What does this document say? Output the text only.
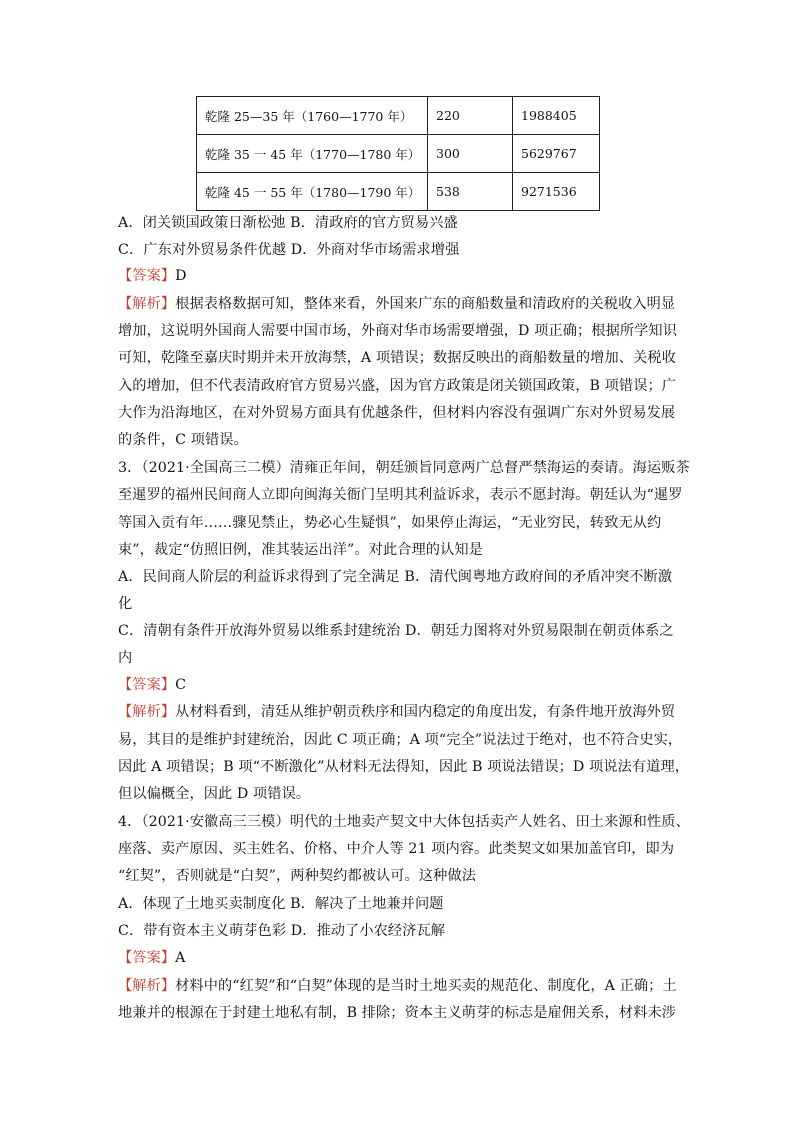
乾隆 25—35 年（1760—1770 年）	220	1988405
乾隆 35 一 45 年（1770—1780 年）	300	5629767
乾隆 45 一 55 年（1780—1790 年）	538	9271536
A．闭关锁国政策日渐松弛 B．清政府的官方贸易兴盛
C．广东对外贸易条件优越 D．外商对华市场需求增强
【答案】D
【解析】根据表格数据可知，整体来看，外国来广东的商船数量和清政府的关税收入明显
增加，这说明外国商人需要中国市场，外商对华市场需要增强，D 项正确；根据所学知识
可知，乾隆至嘉庆时期并未开放海禁，A 项错误；数据反映出的商船数量的增加、关税收
入的增加，但不代表清政府官方贸易兴盛，因为官方政策是闭关锁国政策，B 项错误；广
大作为沿海地区，在对外贸易方面具有优越条件，但材料内容没有强调广东对外贸易发展
的条件，C 项错误。
3．（2021·全国高三二模）清雍正年间，朝廷颁旨同意两广总督严禁海运的奏请。海运贩茶
至暹罗的福州民间商人立即向闽海关衙门呈明其利益诉求，表示不愿封海。朝廷认为“暹罗
等国入贡有年……骤见禁止，势必心生疑惧”，如果停止海运，“无业穷民，转致无从约
束”，裁定“仿照旧例，准其装运出洋”。对此合理的认知是
A．民间商人阶层的利益诉求得到了完全满足 B．清代闽粤地方政府间的矛盾冲突不断激
化
C．清朝有条件开放海外贸易以维系封建统治 D．朝廷力图将对外贸易限制在朝贡体系之
内
【答案】C
【解析】从材料看到，清廷从维护朝贡秩序和国内稳定的角度出发，有条件地开放海外贸
易，其目的是维护封建统治，因此 C 项正确；A 项“完全”说法过于绝对，也不符合史实，
因此 A 项错误；B 项“不断激化”从材料无法得知，因此 B 项说法错误；D 项说法有道理，
但以偏概全，因此 D 项错误。
4．（2021·安徽高三三模）明代的土地卖产契文中大体包括卖产人姓名、田土来源和性质、
座落、卖产原因、买主姓名、价格、中介人等 21 项内容。此类契文如果加盖官印，即为
“红契”，否则就是“白契”，两种契约都被认可。这种做法
A．体现了土地买卖制度化 B．解决了土地兼并问题
C．带有资本主义萌芽色彩 D．推动了小农经济瓦解
【答案】A
【解析】材料中的“红契”和“白契”体现的是当时土地买卖的规范化、制度化，A 正确；土
地兼并的根源在于封建土地私有制，B 排除；资本主义萌芽的标志是雇佣关系，材料未涉
